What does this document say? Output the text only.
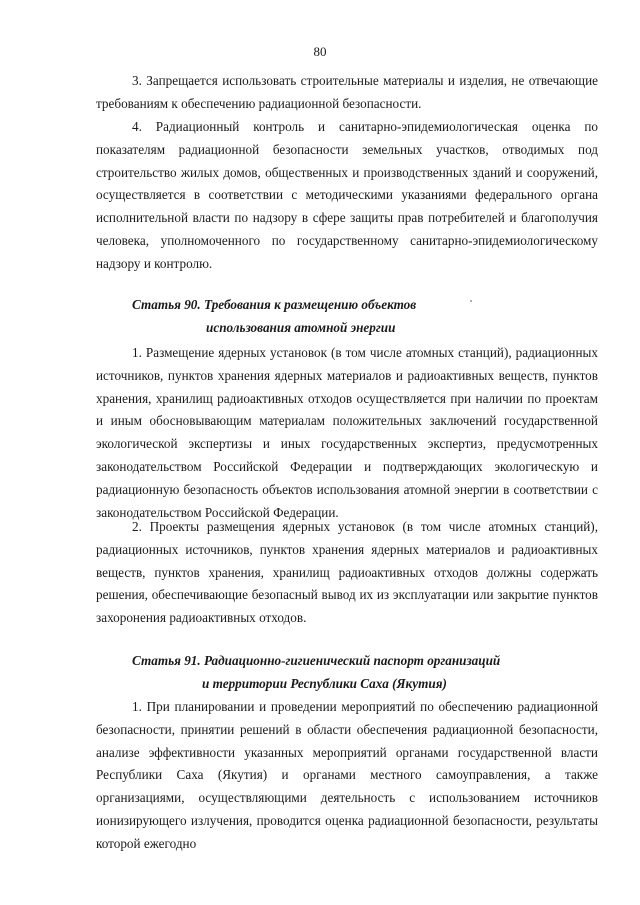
80

3. Запрещается использовать строительные материалы и изделия, не отвечающие требованиям к обеспечению радиационной безопасности.

4. Радиационный контроль и санитарно-эпидемиологическая оценка по показателям радиационной безопасности земельных участков, отводимых под строительство жилых домов, общественных и производственных зданий и сооружений, осуществляется в соответствии с методическими указаниями федерального органа исполнительной власти по надзору в сфере защиты прав потребителей и благополучия человека, уполномоченного по государственному санитарно-эпидемиологическому надзору и контролю.

Статья 90. Требования к размещению объектов
использования атомной энергии

1. Размещение ядерных установок (в том числе атомных станций), радиационных источников, пунктов хранения ядерных материалов и радиоактивных веществ, пунктов хранения, хранилищ радиоактивных отходов осуществляется при наличии по проектам и иным обосновывающим материалам положительных заключений государственной экологической экспертизы и иных государственных экспертиз, предусмотренных законодательством Российской Федерации и подтверждающих экологическую и радиационную безопасность объектов использования атомной энергии в соответствии с законодательством Российской Федерации.

2. Проекты размещения ядерных установок (в том числе атомных станций), радиационных источников, пунктов хранения ядерных материалов и радиоактивных веществ, пунктов хранения, хранилищ радиоактивных отходов должны содержать решения, обеспечивающие безопасный вывод их из эксплуатации или закрытие пунктов захоронения радиоактивных отходов.

Статья 91. Радиационно-гигиенический паспорт организаций
и территории Республики Саха (Якутия)

1. При планировании и проведении мероприятий по обеспечению радиационной безопасности, принятии решений в области обеспечения радиационной безопасности, анализе эффективности указанных мероприятий органами государственной власти Республики Саха (Якутия) и органами местного самоуправления, а также организациями, осуществляющими деятельность с использованием источников ионизирующего излучения, проводится оценка радиационной безопасности, результаты которой ежегодно
